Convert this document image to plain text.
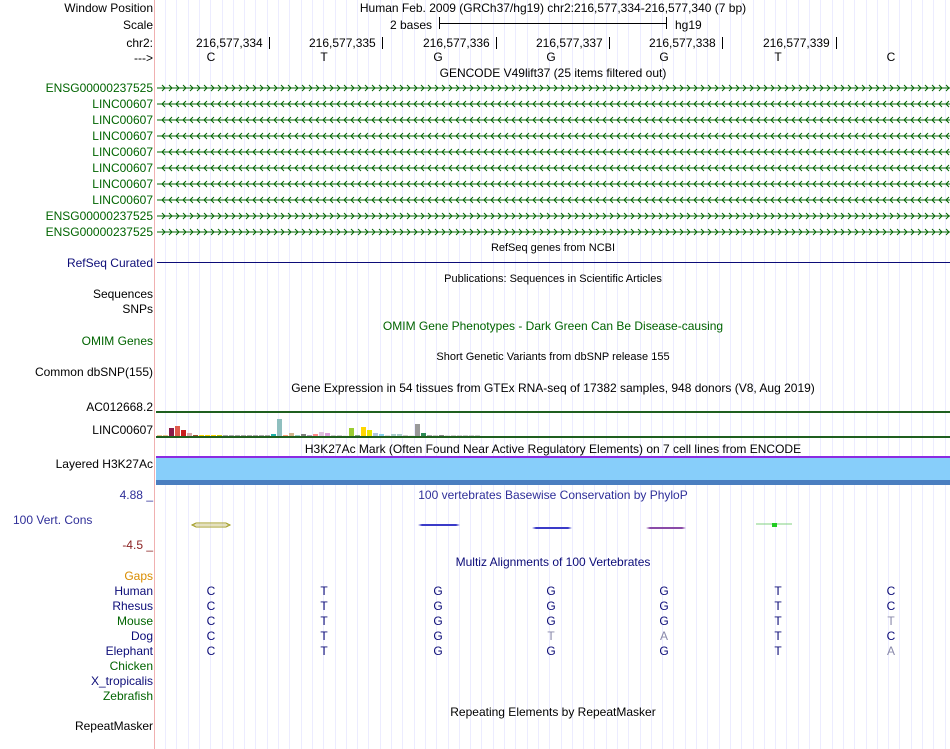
Window Position	Human Feb. 2009 (GRCh37/hg19) chr2:216,577,334-216,577,340 (7 bp)
Scale	2 bases	hg19
chr2:	216,577,334	216,577,335	216,577,336	216,577,337	216,577,338	216,577,339
--->	C	T	G	G	G	T	C
GENCODE V49lift37 (25 items filtered out)
ENSG00000237525
LINC00607
LINC00607
LINC00607
LINC00607
LINC00607
LINC00607
LINC00607
ENSG00000237525
ENSG00000237525
RefSeq genes from NCBI
RefSeq Curated
Publications: Sequences in Scientific Articles
Sequences
SNPs
OMIM Gene Phenotypes - Dark Green Can Be Disease-causing
OMIM Genes
Short Genetic Variants from dbSNP release 155
Common dbSNP(155)
Gene Expression in 54 tissues from GTEx RNA-seq of 17382 samples, 948 donors (V8, Aug 2019)
AC012668.2
LINC00607
H3K27Ac Mark (Often Found Near Active Regulatory Elements) on 7 cell lines from ENCODE
Layered H3K27Ac
100 vertebrates Basewise Conservation by PhyloP
4.88 _
100 Vert. Cons
-4.5 _
Multiz Alignments of 100 Vertebrates
Gaps
Human	C	T	G	G	G	T	C
Rhesus	C	T	G	G	G	T	C
Mouse	C	T	G	G	G	T	T
Dog	C	T	G	T	A	T	C
Elephant	C	T	G	G	G	T	A
Chicken
X_tropicalis
Zebrafish
Repeating Elements by RepeatMasker
RepeatMasker
